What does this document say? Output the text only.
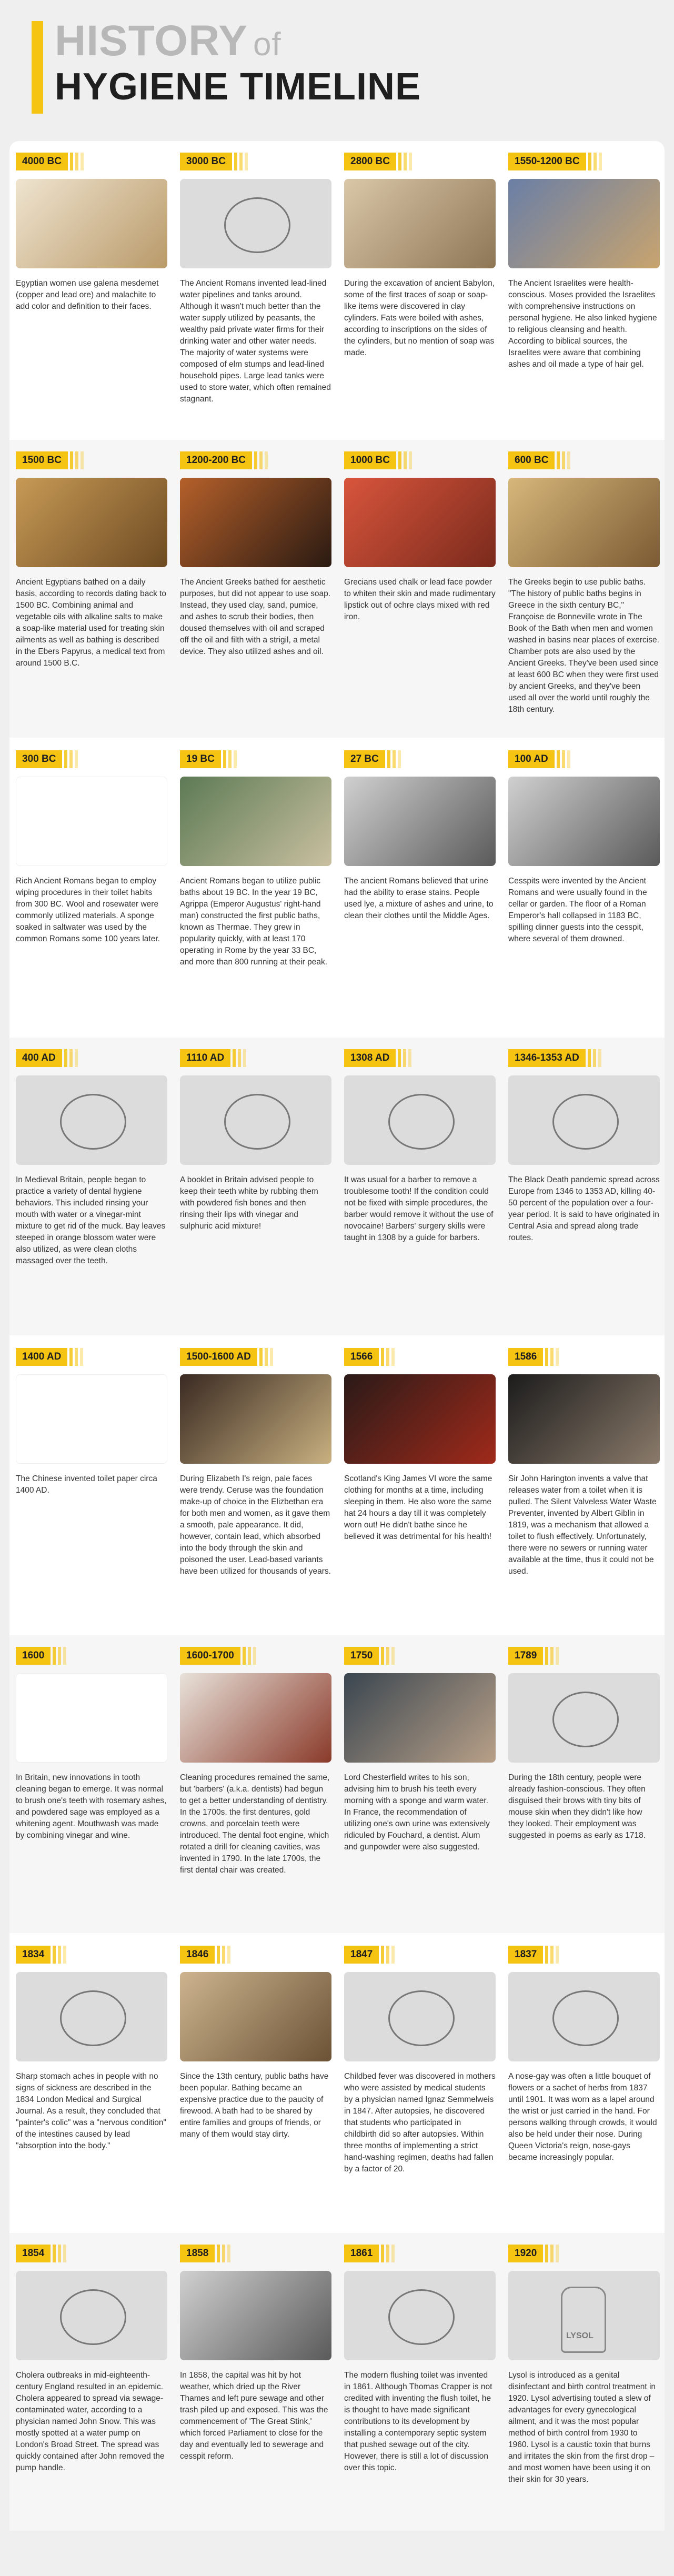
HISTORY of
HYGIENE TIMELINE
4000 BC
Egyptian women use galena mesdemet (copper and lead ore) and malachite to add color and definition to their faces.
3000 BC
The Ancient Romans invented lead-lined water pipelines and tanks around. Although it wasn't much better than the water supply utilized by peasants, the wealthy paid private water firms for their drinking water and other water needs. The majority of water systems were composed of elm stumps and lead-lined household pipes. Large lead tanks were used to store water, which often remained stagnant.
2800 BC
During the excavation of ancient Babylon, some of the first traces of soap or soap-like items were discovered in clay cylinders. Fats were boiled with ashes, according to inscriptions on the sides of the cylinders, but no mention of soap was made.
1550-1200 BC
The Ancient Israelites were health-conscious. Moses provided the Israelites with comprehensive instructions on personal hygiene. He also linked hygiene to religious cleansing and health. According to biblical sources, the Israelites were aware that combining ashes and oil made a type of hair gel.
1500 BC
Ancient Egyptians bathed on a daily basis, according to records dating back to 1500 BC. Combining animal and vegetable oils with alkaline salts to make a soap-like material used for treating skin ailments as well as bathing is described in the Ebers Papyrus, a medical text from around 1500 B.C.
1200-200 BC
The Ancient Greeks bathed for aesthetic purposes, but did not appear to use soap. Instead, they used clay, sand, pumice, and ashes to scrub their bodies, then doused themselves with oil and scraped off the oil and filth with a strigil, a metal device. They also utilized ashes and oil.
1000 BC
Grecians used chalk or lead face powder to whiten their skin and made rudimentary lipstick out of ochre clays mixed with red iron.
600 BC
The Greeks begin to use public baths. "The history of public baths begins in Greece in the sixth century BC," Françoise de Bonneville wrote in The Book of the Bath when men and women washed in basins near places of exercise. Chamber pots are also used by the Ancient Greeks. They've been used since at least 600 BC when they were first used by ancient Greeks, and they've been used all over the world until roughly the 18th century.
300 BC
Rich Ancient Romans began to employ wiping procedures in their toilet habits from 300 BC. Wool and rosewater were commonly utilized materials. A sponge soaked in saltwater was used by the common Romans some 100 years later.
19 BC
Ancient Romans began to utilize public baths about 19 BC. In the year 19 BC, Agrippa (Emperor Augustus' right-hand man) constructed the first public baths, known as Thermae. They grew in popularity quickly, with at least 170 operating in Rome by the year 33 BC, and more than 800 running at their peak.
27 BC
The ancient Romans believed that urine had the ability to erase stains. People used lye, a mixture of ashes and urine, to clean their clothes until the Middle Ages.
100 AD
Cesspits were invented by the Ancient Romans and were usually found in the cellar or garden. The floor of a Roman Emperor's hall collapsed in 1183 BC, spilling dinner guests into the cesspit, where several of them drowned.
400 AD
In Medieval Britain, people began to practice a variety of dental hygiene behaviors. This included rinsing your mouth with water or a vinegar-mint mixture to get rid of the muck. Bay leaves steeped in orange blossom water were also utilized, as were clean cloths massaged over the teeth.
1110 AD
A booklet in Britain advised people to keep their teeth white by rubbing them with powdered fish bones and then rinsing their lips with vinegar and sulphuric acid mixture!
1308 AD
It was usual for a barber to remove a troublesome tooth! If the condition could not be fixed with simple procedures, the barber would remove it without the use of novocaine! Barbers' surgery skills were taught in 1308 by a guide for barbers.
1346-1353 AD
The Black Death pandemic spread across Europe from 1346 to 1353 AD, killing 40-50 percent of the population over a four-year period. It is said to have originated in Central Asia and spread along trade routes.
1400 AD
The Chinese invented toilet paper circa 1400 AD.
1500-1600 AD
During Elizabeth I's reign, pale faces were trendy. Ceruse was the foundation make-up of choice in the Elizbethan era for both men and women, as it gave them a smooth, pale appearance. It did, however, contain lead, which absorbed into the body through the skin and poisoned the user. Lead-based variants have been utilized for thousands of years.
1566
Scotland's King James VI wore the same clothing for months at a time, including sleeping in them. He also wore the same hat 24 hours a day till it was completely worn out! He didn't bathe since he believed it was detrimental for his health!
1586
Sir John Harington invents a valve that releases water from a toilet when it is pulled. The Silent Valveless Water Waste Preventer, invented by Albert Giblin in 1819, was a mechanism that allowed a toilet to flush effectively. Unfortunately, there were no sewers or running water available at the time, thus it could not be used.
1600
In Britain, new innovations in tooth cleaning began to emerge. It was normal to brush one's teeth with rosemary ashes, and powdered sage was employed as a whitening agent. Mouthwash was made by combining vinegar and wine.
1600-1700
Cleaning procedures remained the same, but 'barbers' (a.k.a. dentists) had begun to get a better understanding of dentistry. In the 1700s, the first dentures, gold crowns, and porcelain teeth were introduced. The dental foot engine, which rotated a drill for cleaning cavities, was invented in 1790. In the late 1700s, the first dental chair was created.
1750
Lord Chesterfield writes to his son, advising him to brush his teeth every morning with a sponge and warm water. In France, the recommendation of utilizing one's own urine was extensively ridiculed by Fouchard, a dentist. Alum and gunpowder were also suggested.
1789
During the 18th century, people were already fashion-conscious. They often disguised their brows with tiny bits of mouse skin when they didn't like how they looked. Their employment was suggested in poems as early as 1718.
1834
Sharp stomach aches in people with no signs of sickness are described in the 1834 London Medical and Surgical Journal. As a result, they concluded that "painter's colic" was a "nervous condition" of the intestines caused by lead "absorption into the body."
1846
Since the 13th century, public baths have been popular. Bathing became an expensive practice due to the paucity of firewood. A bath had to be shared by entire families and groups of friends, or many of them would stay dirty.
1847
Childbed fever was discovered in mothers who were assisted by medical students by a physician named Ignaz Semmelweis in 1847. After autopsies, he discovered that students who participated in childbirth did so after autopsies. Within three months of implementing a strict hand-washing regimen, deaths had fallen by a factor of 20.
1837
A nose-gay was often a little bouquet of flowers or a sachet of herbs from 1837 until 1901. It was worn as a lapel around the wrist or just carried in the hand. For persons walking through crowds, it would also be held under their nose. During Queen Victoria's reign, nose-gays became increasingly popular.
1854
Cholera outbreaks in mid-eighteenth-century England resulted in an epidemic. Cholera appeared to spread via sewage-contaminated water, according to a physician named John Snow. This was mostly spotted at a water pump on London's Broad Street. The spread was quickly contained after John removed the pump handle.
1858
In 1858, the capital was hit by hot weather, which dried up the River Thames and left pure sewage and other trash piled up and exposed. This was the commencement of 'The Great Stink,' which forced Parliament to close for the day and eventually led to sewerage and cesspit reform.
1861
The modern flushing toilet was invented in 1861. Although Thomas Crapper is not credited with inventing the flush toilet, he is thought to have made significant contributions to its development by installing a contemporary septic system that pushed sewage out of the city. However, there is still a lot of discussion over this topic.
1920
LYSOL
Lysol is introduced as a genital disinfectant and birth control treatment in 1920. Lysol advertising touted a slew of advantages for every gynecological ailment, and it was the most popular method of birth control from 1930 to 1960. Lysol is a caustic toxin that burns and irritates the skin from the first drop – and most women have been using it on their skin for 30 years.
